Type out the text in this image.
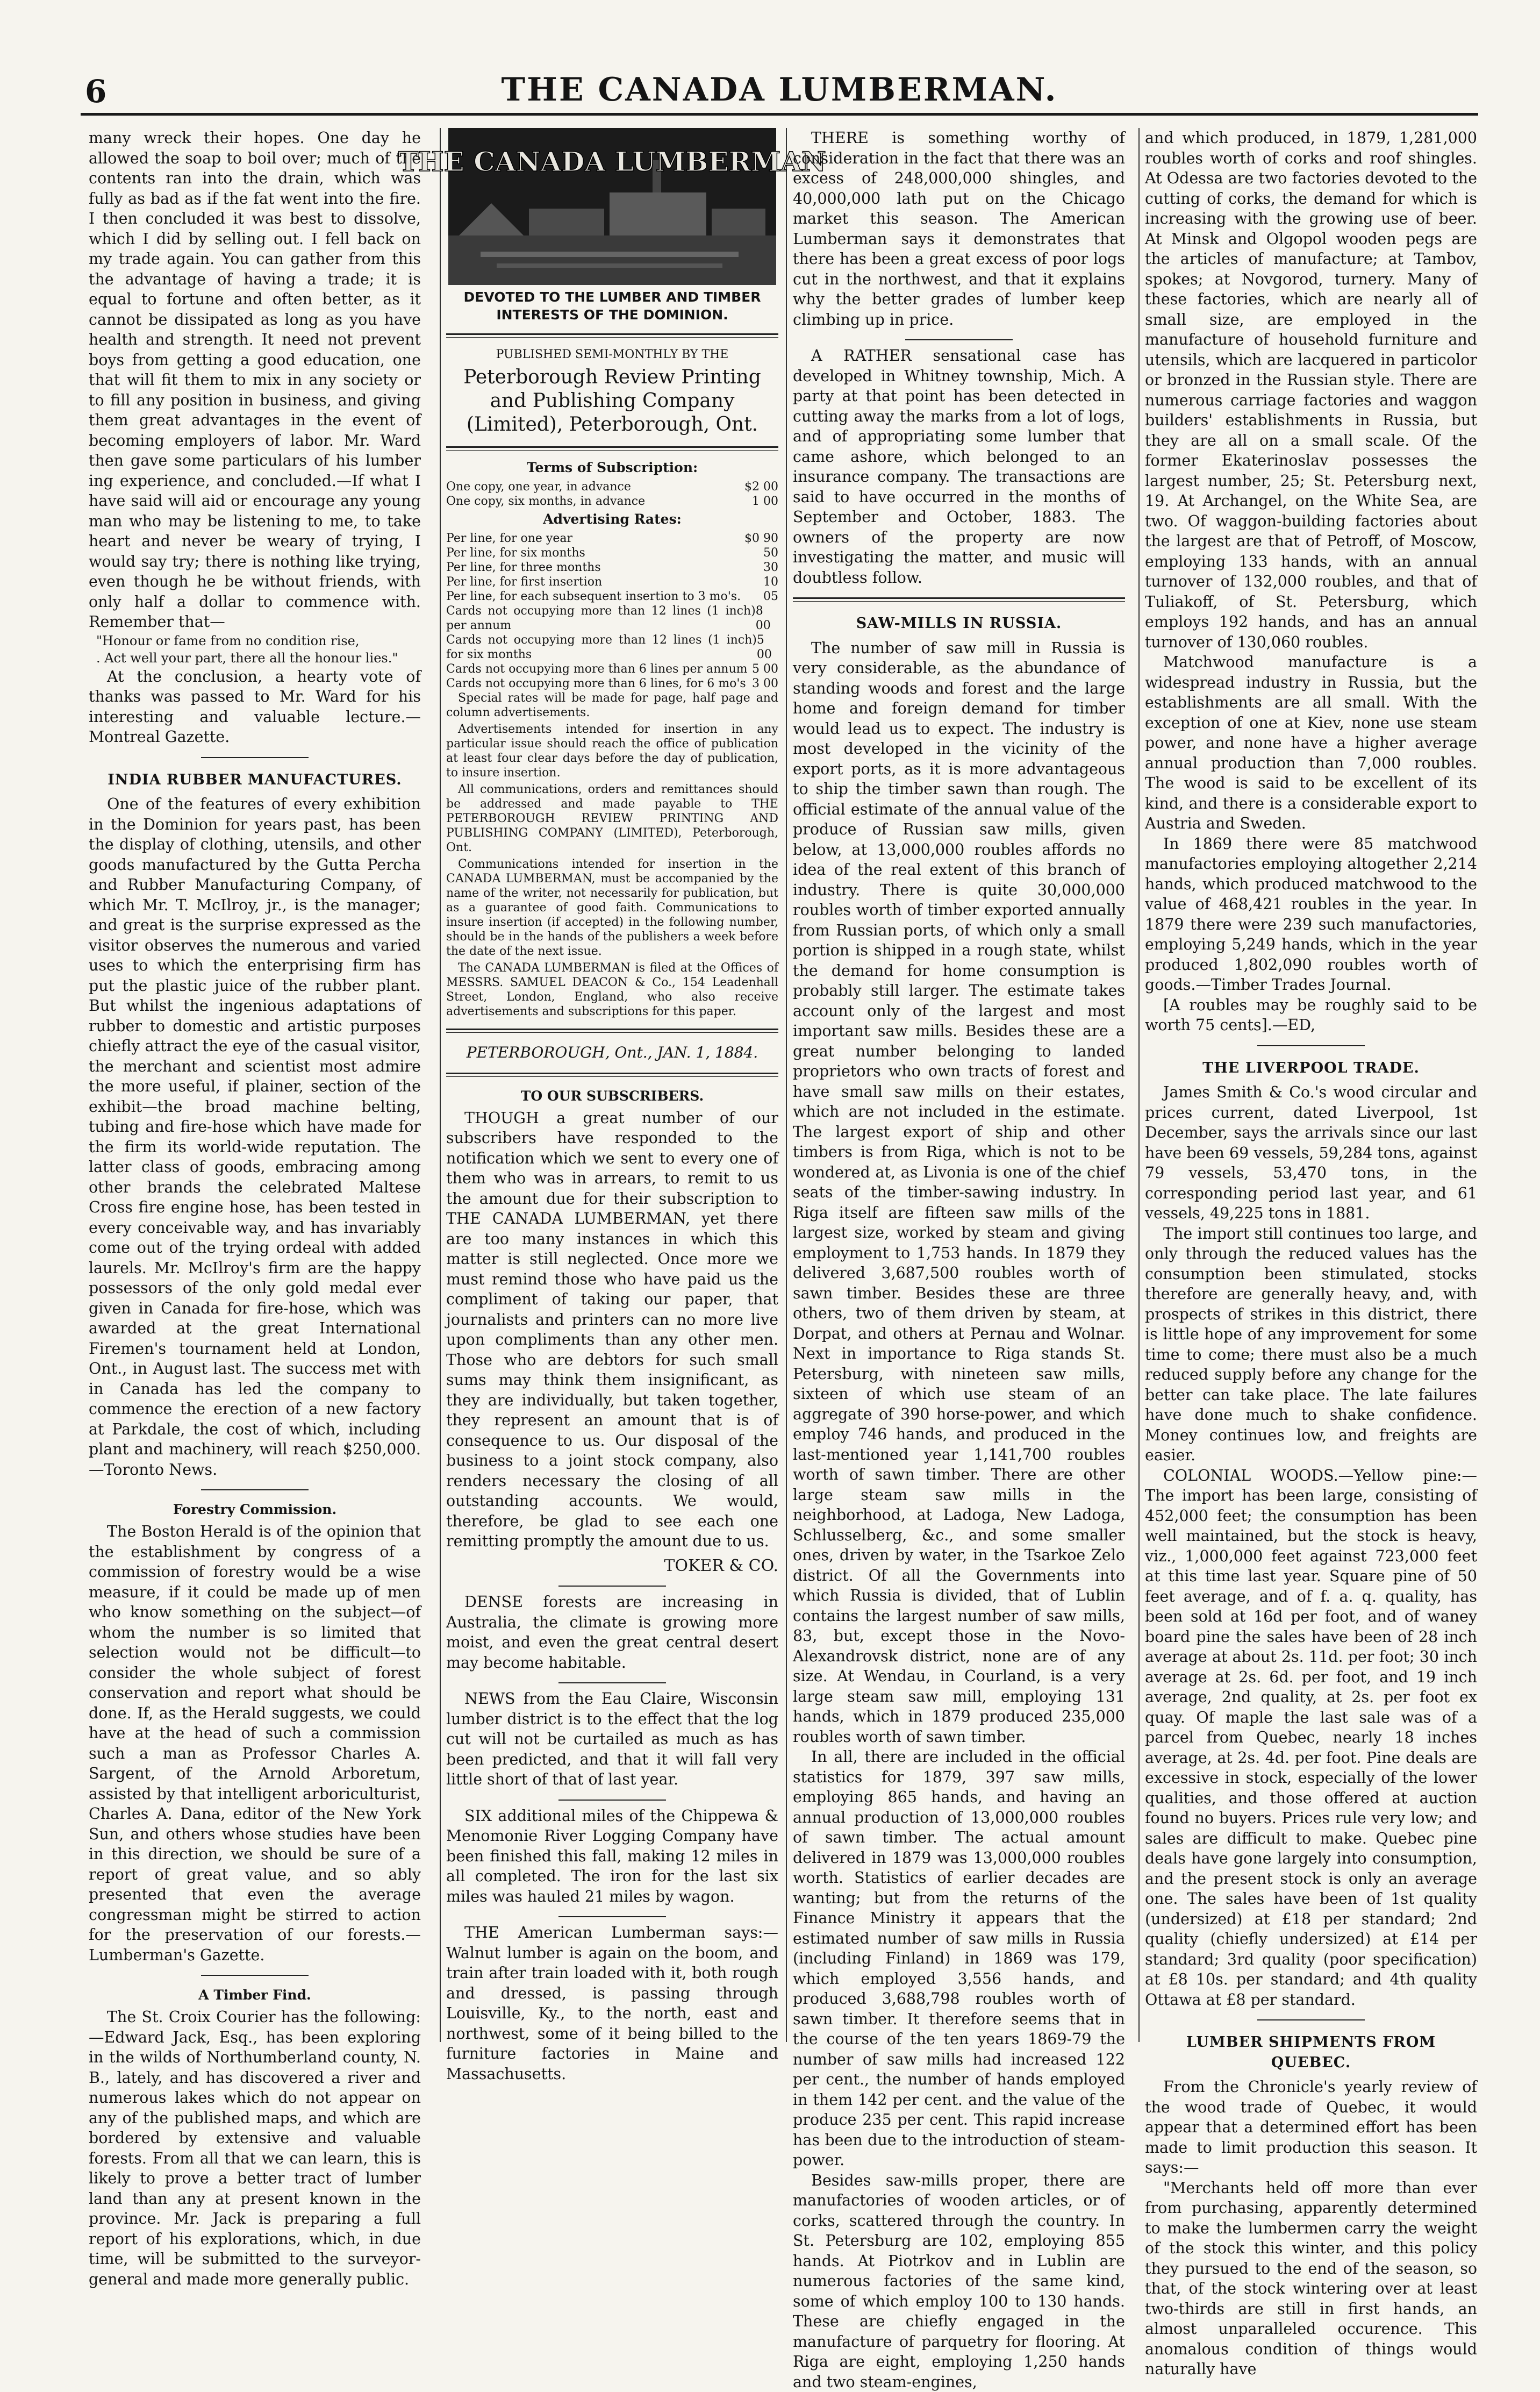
6	THE CANADA LUMBERMAN.

many wreck their hopes. One day he allowed the soap to boil over; much of the contents ran into the drain, which was fully as bad as if the fat went into the fire. I then concluded it was best to dissolve, which I did by selling out. I fell back on my trade again. You can gather from this the advantage of having a trade; it is equal to fortune and often better, as it cannot be dissipated as long as you have health and strength. It need not prevent boys from getting a good education, one that will fit them to mix in any society or to fill any position in business, and giving them great advantages in the event of becoming employers of labor. Mr. Ward then gave some particulars of his lumber ing experience, and concluded.—If what I have said will aid or encourage any young man who may be listening to me, to take heart and never be weary of trying, I would say try; there is nothing like trying, even though he be without friends, with only half a dollar to commence with. Remember that—

"Honour or fame from no condition rise,

. Act well your part, there all the honour lies."

At the conclusion, a hearty vote of thanks was passed to Mr. Ward for his interesting and valuable lecture.—Montreal Gazette.

INDIA RUBBER MANUFACTURES.

One of the features of every exhibition in the Dominion for years past, has been the display of clothing, utensils, and other goods manufactured by the Gutta Percha and Rubber Manufacturing Company, of which Mr. T. McIlroy, jr., is the manager; and great is the surprise expressed as the visitor observes the numerous and varied uses to which the enterprising firm has put the plastic juice of the rubber plant. But whilst the ingenious adaptations of rubber to domestic and artistic purposes chiefly attract the eye of the casual visitor, the merchant and scientist most admire the more useful, if plainer, section of the exhibit—the broad machine belting, tubing and fire-hose which have made for the firm its world-wide reputation. The latter class of goods, embracing among other brands the celebrated Maltese Cross fire engine hose, has been tested in every conceivable way, and has invariably come out of the trying ordeal with added laurels. Mr. McIlroy's firm are the happy possessors of the only gold medal ever given in Canada for fire-hose, which was awarded at the great International Firemen's tournament held at London, Ont., in August last. The success met with in Canada has led the company to commence the erection of a new factory at Parkdale, the cost of which, including plant and machinery, will reach $250,000.—Toronto News.

Forestry Commission.

The Boston Herald is of the opinion that the establishment by congress of a commission of forestry would be a wise measure, if it could be made up of men who know something on the subject—of whom the number is so limited that selection would not be difficult—to consider the whole subject of forest conservation and report what should be done. If, as the Herald suggests, we could have at the head of such a commission such a man as Professor Charles A. Sargent, of the Arnold Arboretum, assisted by that intelligent arboriculturist, Charles A. Dana, editor of the New York Sun, and others whose studies have been in this direction, we should be sure of a report of great value, and so ably presented that even the average congressman might be stirred to action for the preservation of our forests.—Lumberman's Gazette.

A Timber Find.

The St. Croix Courier has the following:—Edward Jack, Esq., has been exploring in the wilds of Northumberland county, N. B., lately, and has discovered a river and numerous lakes which do not appear on any of the published maps, and which are bordered by extensive and valuable forests. From all that we can learn, this is likely to prove a better tract of lumber land than any at present known in the province. Mr. Jack is preparing a full report of his explorations, which, in due time, will be submitted to the surveyor-general and made more generally public.

THE CANADA LUMBERMAN
DEVOTED TO THE LUMBER AND TIMBER INTERESTS OF THE DOMINION.
PUBLISHED SEMI-MONTHLY BY THE
Peterborough Review Printing and Publishing Company (Limited), Peterborough, Ont.
Terms of Subscription:
One copy, one year, in advance	$2 00
One copy, six months, in advance	1 00
Advertising Rates:
Per line, for one year	$0 90
Per line, for six months	50
Per line, for three months	30
Per line, for first insertion	10
Per line, for each subsequent insertion to 3 mo's. 05
Cards not occupying more than 12 lines (1 inch) per annum
8 00
Cards not occupying more than 12 lines (1 inch) for six months
5 00
Cards not occupying more than 6 lines per annum 5 00
Cards not occupying more than 6 lines, for 6 mo's 3 00

Special rates will be made for page, half page and column advertisements.

Advertisements intended for insertion in any particular issue should reach the office of publication at least four clear days before the day of publication, to insure insertion.

All communications, orders and remittances should be addressed and made payable to THE PETERBOROUGH REVIEW PRINTING AND PUBLISHING COMPANY (LIMITED), Peterborough, Ont.

Communications intended for insertion in the CANADA LUMBERMAN, must be accompanied by the name of the writer, not necessarily for publication, but as a guarantee of good faith. Communications to insure insertion (if accepted) in the following number, should be in the hands of the publishers a week before the date of the next issue.

The CANADA LUMBERMAN is filed at the Offices of MESSRS. SAMUEL DEACON & Co., 154 Leadenhall Street, London, England, who also receive advertisements and subscriptions for this paper.

PETERBOROUGH, Ont., JAN. 1, 1884.
TO OUR SUBSCRIBERS.

THOUGH a great number of our subscribers have responded to the notification which we sent to every one of them who was in arrears, to remit to us the amount due for their subscription to THE CANADA LUMBERMAN, yet there are too many instances in which this matter is still neglected. Once more we must remind those who have paid us the compliment of taking our paper, that journalists and printers can no more live upon compliments than any other men. Those who are debtors for such small sums may think them insignificant, as they are individually, but taken together, they represent an amount that is of consequence to us. Our disposal of the business to a joint stock company, also renders necessary the closing of all outstanding accounts. We would, therefore, be glad to see each one remitting promptly the amount due to us.

TOKER & CO.

DENSE forests are increasing in Australia, the climate is growing more moist, and even the great central desert may become habitable.

NEWS from the Eau Claire, Wisconsin lumber district is to the effect that the log cut will not be curtailed as much as has been predicted, and that it will fall very little short of that of last year.

SIX additional miles of the Chippewa & Menomonie River Logging Company have been finished this fall, making 12 miles in all completed. The iron for the last six miles was hauled 21 miles by wagon.

THE American Lumberman says:—Walnut lumber is again on the boom, and train after train loaded with it, both rough and dressed, is passing through Louisville, Ky., to the north, east and northwest, some of it being billed to the furniture factories in Maine and Massachusetts.

THERE is something worthy of consideration in the fact that there was an excess of 248,000,000 shingles, and 40,000,000 lath put on the Chicago market this season. The American Lumberman says it demonstrates that there has been a great excess of poor logs cut in the northwest, and that it explains why the better grades of lumber keep climbing up in price.

A RATHER sensational case has developed in Whitney township, Mich. A party at that point has been detected in cutting away the marks from a lot of logs, and of appropriating some lumber that came ashore, which belonged to an insurance company. The transactions are said to have occurred in the months of September and October, 1883. The owners of the property are now investigating the matter, and music will doubtless follow.

SAW-MILLS IN RUSSIA.

The number of saw mill in Russia is very considerable, as the abundance of standing woods and forest and the large home and foreign demand for timber would lead us to expect. The industry is most developed in the vicinity of the export ports, as it is more advantageous to ship the timber sawn than rough. The official estimate of the annual value of the produce of Russian saw mills, given below, at 13,000,000 roubles affords no idea of the real extent of this branch of industry. There is quite 30,000,000 roubles worth of timber exported annually from Russian ports, of which only a small portion is shipped in a rough state, whilst the demand for home consumption is probably still larger. The estimate takes account only of the largest and most important saw mills. Besides these are a great number belonging to landed proprietors who own tracts of forest and have small saw mills on their estates, which are not included in the estimate. The largest export of ship and other timbers is from Riga, which is not to be wondered at, as Livonia is one of the chief seats of the timber-sawing industry. In Riga itself are fifteen saw mills of the largest size, worked by steam and giving employment to 1,753 hands. In 1879 they delivered 3,687,500 roubles worth of sawn timber. Besides these are three others, two of them driven by steam, at Dorpat, and others at Pernau and Wolnar. Next in importance to Riga stands St. Petersburg, with nineteen saw mills, sixteen of which use steam of an aggregate of 390 horse-power, and which employ 746 hands, and produced in the last-mentioned year 1,141,700 roubles worth of sawn timber. There are other large steam saw mills in the neighborhood, at Ladoga, New Ladoga, Schlusselberg, &c., and some smaller ones, driven by water, in the Tsarkoe Zelo district. Of all the Governments into which Russia is divided, that of Lublin contains the largest number of saw mills, 83, but, except those in the Novo-Alexandrovsk district, none are of any size. At Wendau, in Courland, is a very large steam saw mill, employing 131 hands, which in 1879 produced 235,000 roubles worth of sawn timber.

In all, there are included in the official statistics for 1879, 397 saw mills, employing 865 hands, and having an annual production of 13,000,000 roubles of sawn timber. The actual amount delivered in 1879 was 13,000,000 roubles worth. Statistics of earlier decades are wanting; but from the returns of the Finance Ministry it appears that the estimated number of saw mills in Russia (including Finland) in 1869 was 179, which employed 3,556 hands, and produced 3,688,798 roubles worth of sawn timber. It therefore seems that in the course of the ten years 1869-79 the number of saw mills had increased 122 per cent., the number of hands employed in them 142 per cent. and the value of the produce 235 per cent. This rapid increase has been due to the introduction of steam-power.

Besides saw-mills proper, there are manufactories of wooden articles, or of corks, scattered through the country. In St. Petersburg are 102, employing 855 hands. At Piotrkov and in Lublin are numerous factories of the same kind, some of which employ 100 to 130 hands. These are chiefly engaged in the manufacture of parquetry for flooring. At Riga are eight, employing 1,250 hands and two steam-engines,

and which produced, in 1879, 1,281,000 roubles worth of corks and roof shingles. At Odessa are two factories devoted to the cutting of corks, the demand for which is increasing with the growing use of beer. At Minsk and Olgopol wooden pegs are the articles of manufacture; at Tambov, spokes; at Novgorod, turnery. Many of these factories, which are nearly all of small size, are employed in the manufacture of household furniture and utensils, which are lacquered in particolor or bronzed in the Russian style. There are numerous carriage factories and waggon builders' establishments in Russia, but they are all on a small scale. Of the former Ekaterinoslav possesses the largest number, 25; St. Petersburg next, 19. At Archangel, on the White Sea, are two. Of waggon-building factories about the largest are that of Petroff, of Moscow, employing 133 hands, with an annual turnover of 132,000 roubles, and that of Tuliakoff, of St. Petersburg, which employs 192 hands, and has an annual turnover of 130,060 roubles.

Matchwood manufacture is a widespread industry in Russia, but the establishments are all small. With the exception of one at Kiev, none use steam power, and none have a higher average annual production than 7,000 roubles. The wood is said to be excellent of its kind, and there is a considerable export to Austria and Sweden.

In 1869 there were 85 matchwood manufactories employing altogether 2,214 hands, which produced matchwood to the value of 468,421 roubles in the year. In 1879 there were 239 such manufactories, employing 5,249 hands, which in the year produced 1,802,090 roubles worth of goods.—Timber Trades Journal.

[A roubles may be roughly said to be worth 75 cents].—ED,

THE LIVERPOOL TRADE.

James Smith & Co.'s wood circular and prices current, dated Liverpool, 1st December, says the arrivals since our last have been 69 vessels, 59,284 tons, against 79 vessels, 53,470 tons, in the corresponding period last year, and 61 vessels, 49,225 tons in 1881.

The import still continues too large, and only through the reduced values has the consumption been stimulated, stocks therefore are generally heavy, and, with prospects of strikes in this district, there is little hope of any improvement for some time to come; there must also be a much reduced supply before any change for the better can take place. The late failures have done much to shake confidence. Money continues low, and freights are easier.

COLONIAL WOODS.—Yellow pine:—The import has been large, consisting of 452,000 feet; the consumption has been well maintained, but the stock is heavy, viz., 1,000,000 feet against 723,000 feet at this time last year. Square pine of 50 feet average, and of f. a. q. quality, has been sold at 16d per foot, and of waney board pine the sales have been of 28 inch average at about 2s. 11d. per foot; 30 inch average at 2s. 6d. per foot, and 19 inch average, 2nd quality, at 2s. per foot ex quay. Of maple the last sale was of a parcel from Quebec, nearly 18 inches average, at 2s. 4d. per foot. Pine deals are excessive in stock, especially of the lower qualities, and those offered at auction found no buyers. Prices rule very low; and sales are difficult to make. Quebec pine deals have gone largely into consumption, and the present stock is only an average one. The sales have been of 1st quality (undersized) at £18 per standard; 2nd quality (chiefly undersized) at £14 per standard; 3rd quality (poor specification) at £8 10s. per standard; and 4th quality Ottawa at £8 per standard.

LUMBER SHIPMENTS FROM QUEBEC.

From the Chronicle's yearly review of the wood trade of Quebec, it would appear that a determined effort has been made to limit production this season. It says:—

"Merchants held off more than ever from purchasing, apparently determined to make the lumbermen carry the weight of the stock this winter, and this policy they pursued to the end of the season, so that, of the stock wintering over at least two-thirds are still in first hands, an almost unparalleled occurence. This anomalous condition of things would naturally have
